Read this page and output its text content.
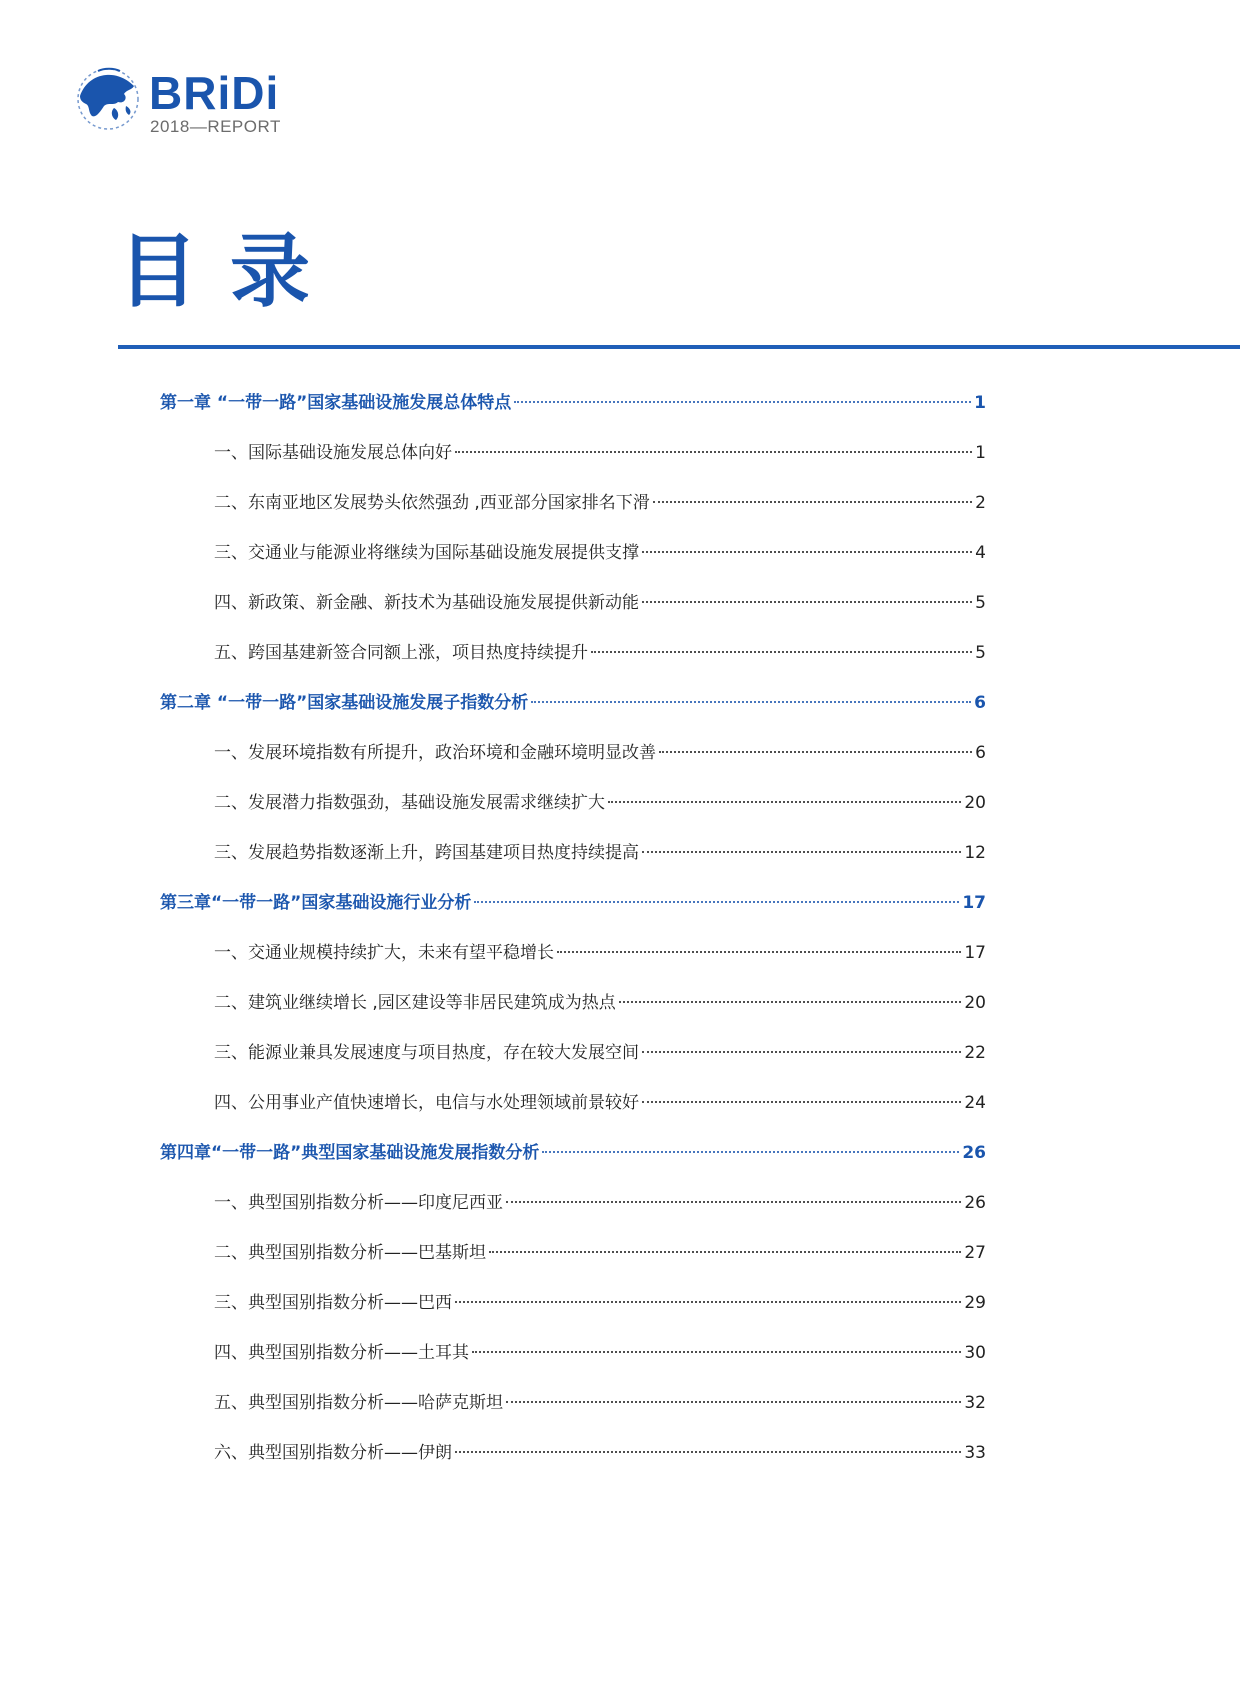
BRiDi
2018—REPORT
目录
第一章 “一带一路”国家基础设施发展总体特点	1
一、国际基础设施发展总体向好	1
二、东南亚地区发展势头依然强劲 ,西亚部分国家排名下滑	2
三、交通业与能源业将继续为国际基础设施发展提供支撑	4
四、新政策、新金融、新技术为基础设施发展提供新动能	5
五、跨国基建新签合同额上涨，项目热度持续提升	5
第二章 “一带一路”国家基础设施发展子指数分析	6
一、发展环境指数有所提升，政治环境和金融环境明显改善	6
二、发展潜力指数强劲，基础设施发展需求继续扩大	20
三、发展趋势指数逐渐上升，跨国基建项目热度持续提高	12
第三章“一带一路”国家基础设施行业分析	17
一、交通业规模持续扩大，未来有望平稳增长	17
二、建筑业继续增长 ,园区建设等非居民建筑成为热点	20
三、能源业兼具发展速度与项目热度，存在较大发展空间	22
四、公用事业产值快速增长，电信与水处理领域前景较好	24
第四章“一带一路”典型国家基础设施发展指数分析	26
一、典型国别指数分析——印度尼西亚	26
二、典型国别指数分析——巴基斯坦	27
三、典型国别指数分析——巴西	29
四、典型国别指数分析——土耳其	30
五、典型国别指数分析——哈萨克斯坦	32
六、典型国别指数分析——伊朗	33
